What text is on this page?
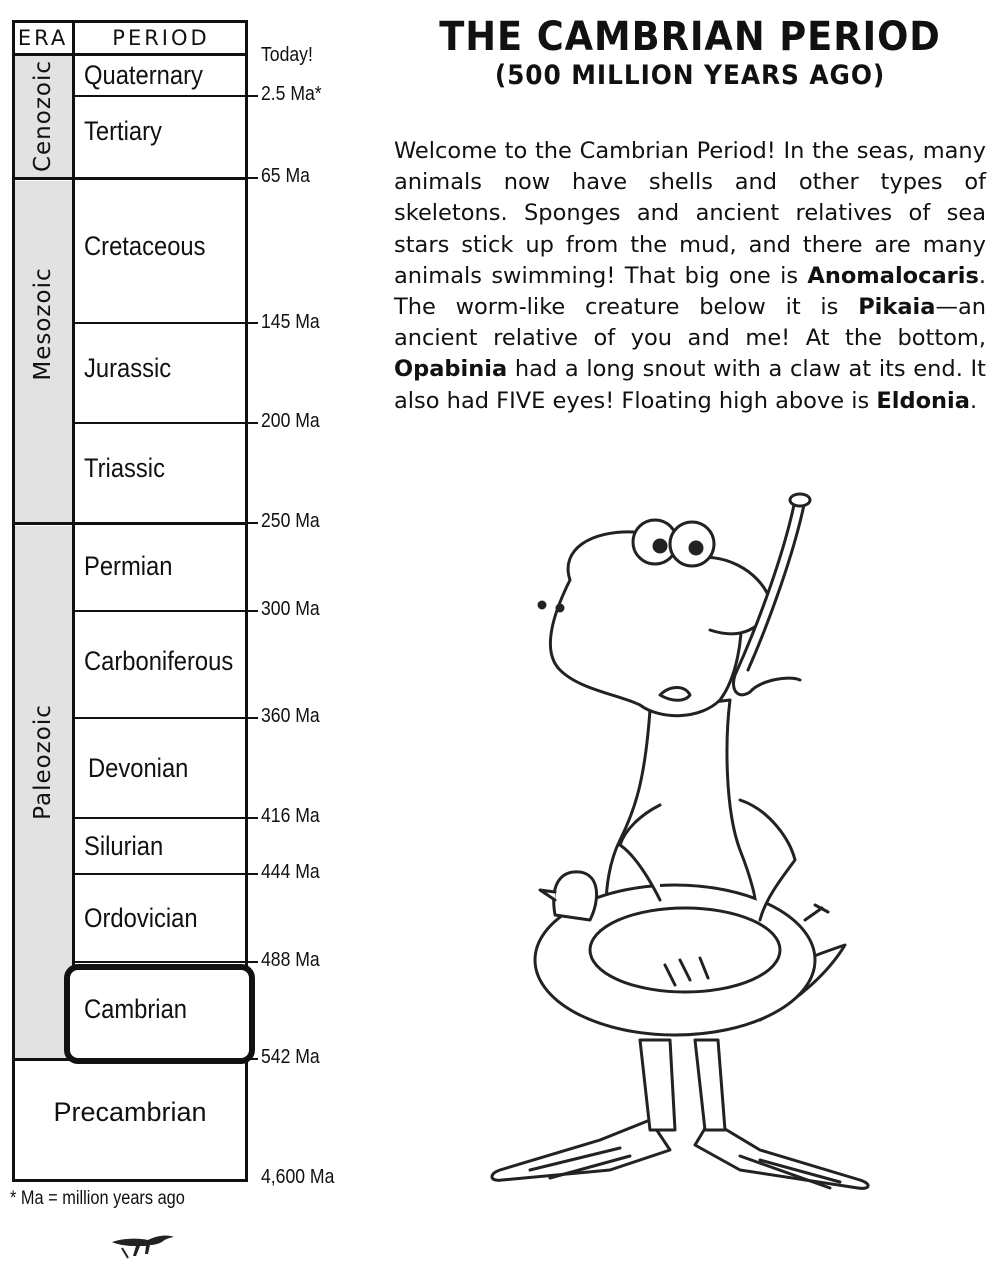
ERA	PERIOD
Cenozoic
Mesozoic
Paleozoic
Quaternary
Tertiary
Cretaceous
Jurassic
Triassic
Permian
Carboniferous
Devonian
Silurian
Ordovician
Cambrian
Precambrian
Today!
2.5 Ma*
65 Ma
145 Ma
200 Ma
250 Ma
300 Ma
360 Ma
416 Ma
444 Ma
488 Ma
542 Ma
4,600 Ma
* Ma = million years ago
THE CAMBRIAN PERIOD
(500 MILLION YEARS AGO)
Welcome to the Cambrian Period! In the seas, many animals now have shells and other types of skeletons. Sponges and ancient relatives of sea stars stick up from the mud, and there are many animals swimming! That big one is Anomalocaris. The worm-like creature below it is Pikaia—an ancient relative of you and me! At the bottom, Opabinia had a long snout with a claw at its end. It also had FIVE eyes! Floating high above is Eldonia.
